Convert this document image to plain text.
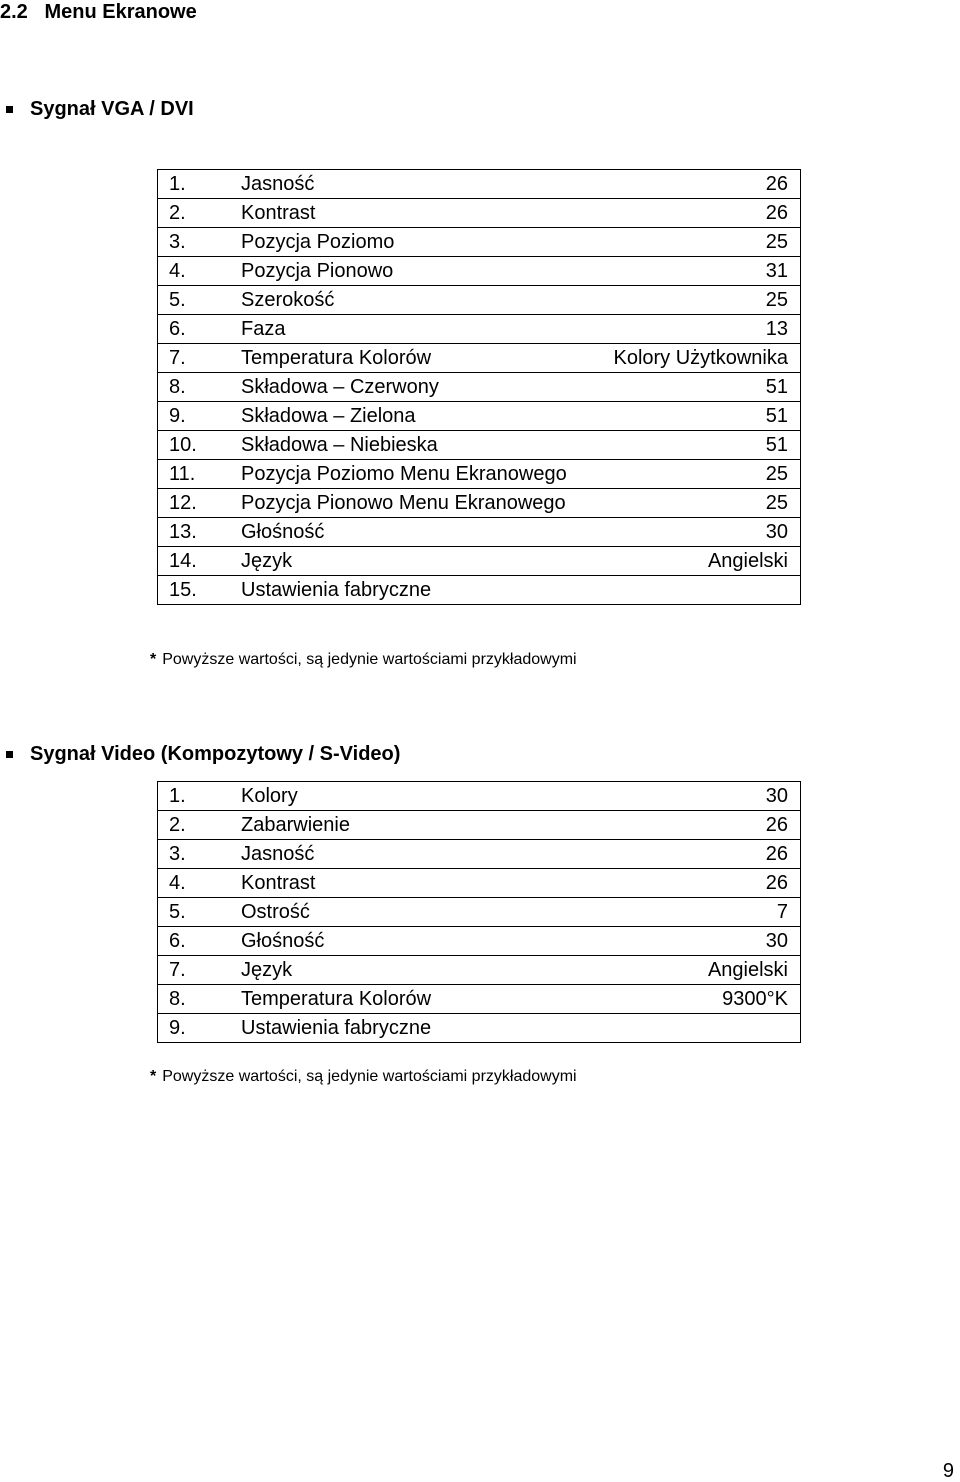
2.2 Menu Ekranowe
Sygnał VGA / DVI
1.	Jasność	26
2.	Kontrast	26
3.	Pozycja Poziomo	25
4.	Pozycja Pionowo	31
5.	Szerokość	25
6.	Faza	13
7.	Temperatura Kolorów	Kolory Użytkownika
8.	Składowa – Czerwony	51
9.	Składowa – Zielona	51
10.	Składowa – Niebieska	51
11.	Pozycja Poziomo Menu Ekranowego	25
12.	Pozycja Pionowo Menu Ekranowego	25
13.	Głośność	30
14.	Język	Angielski
15.	Ustawienia fabryczne	
* Powyższe wartości, są jedynie wartościami przykładowymi
Sygnał Video (Kompozytowy / S-Video)
1.	Kolory	30
2.	Zabarwienie	26
3.	Jasność	26
4.	Kontrast	26
5.	Ostrość	7
6.	Głośność	30
7.	Język	Angielski
8.	Temperatura Kolorów	9300°K
9.	Ustawienia fabryczne	
* Powyższe wartości, są jedynie wartościami przykładowymi
9
